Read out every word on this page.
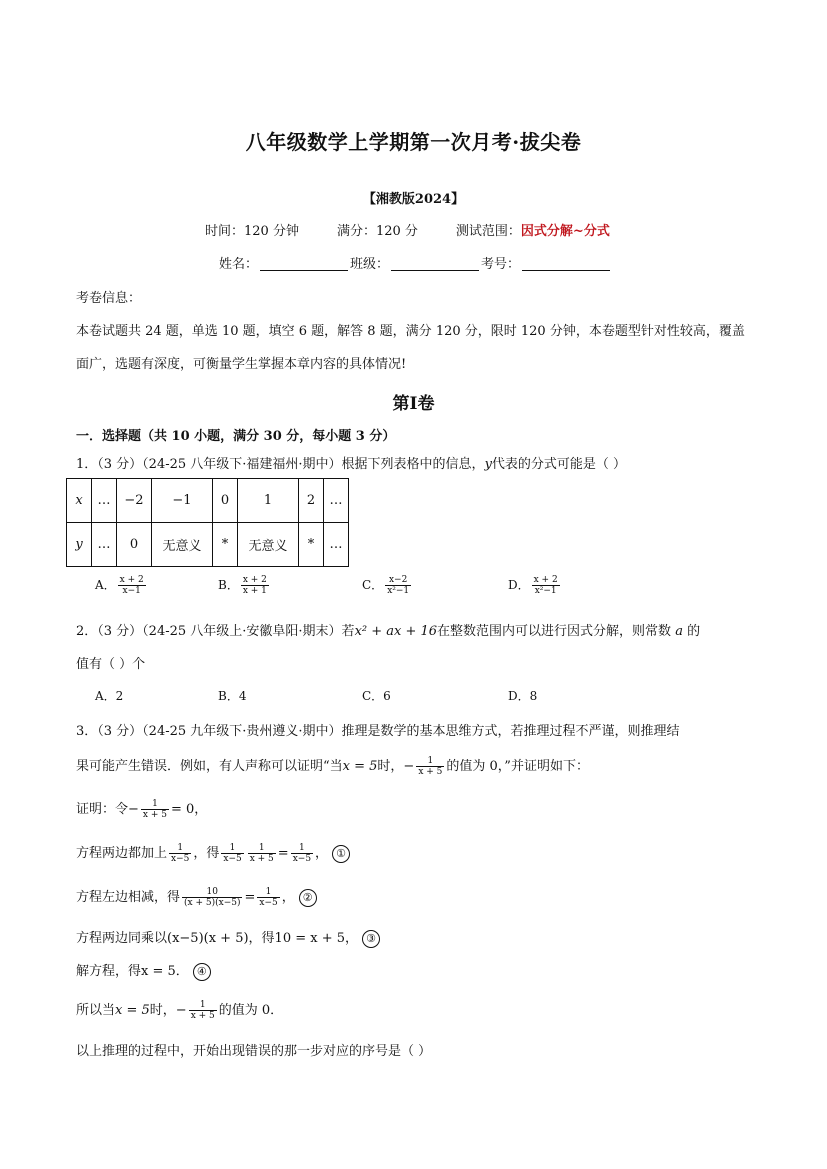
八年级数学上学期第一次月考·拔尖卷
【湘教版2024】
时间：120 分钟	满分：120 分	测试范围：因式分解~分式
姓名：	班级：	考号：
考卷信息：
本卷试题共 24 题，单选 10 题，填空 6 题，解答 8 题，满分 120 分，限时 120 分钟，本卷题型针对性较高，覆盖
面广，选题有深度，可衡量学生掌握本章内容的具体情况!
第Ⅰ卷
一．选择题（共 10 小题，满分 30 分，每小题 3 分）
1．（3 分）（24-25 八年级下·福建福州·期中）根据下列表格中的信息，y代表的分式可能是（ ）
x	…	−2	−1	0	1	2	…
y	…	0	无意义	*	无意义	*	…
A． $\frac{x + 2}{x-1}$	B． $\frac{x + 2}{x + 1}$	C． $\frac{x-2}{\text{x²−1}}$	D． $\frac{x + 2}{\text{x²−1}}$
2．（3 分）（24-25 八年级上·安徽阜阳·期末）若x² + ax + 16在整数范围内可以进行因式分解，则常数 a 的
值有（ ）个
A．2	B．4	C．6	D．8
3．（3 分）（24-25 九年级下·贵州遵义·期中）推理是数学的基本思维方式，若推理过程不严谨，则推理结
果可能产生错误．例如，有人声称可以证明“当x = 5时，− $\frac{1}{x + 5}$ 的值为 0，”并证明如下：
证明：令− $\frac{1}{x + 5} = 0$，
方程两边都加上 $\frac{1}{x-5}$ ，得 $\frac{1}{x-5} \frac{1}{x + 5} = \frac{1}{x-5}$ ， ①
方程左边相减，得 $\frac{10}{(x + 5)(x-5)} = \frac{1}{x-5}$ ， ②
方程两边同乘以(x−5)(x + 5)，得10 = x + 5， ③
解方程，得x = 5． ④
所以当x = 5时，− $\frac{1}{x + 5}$ 的值为 0．
以上推理的过程中，开始出现错误的那一步对应的序号是（ ）
